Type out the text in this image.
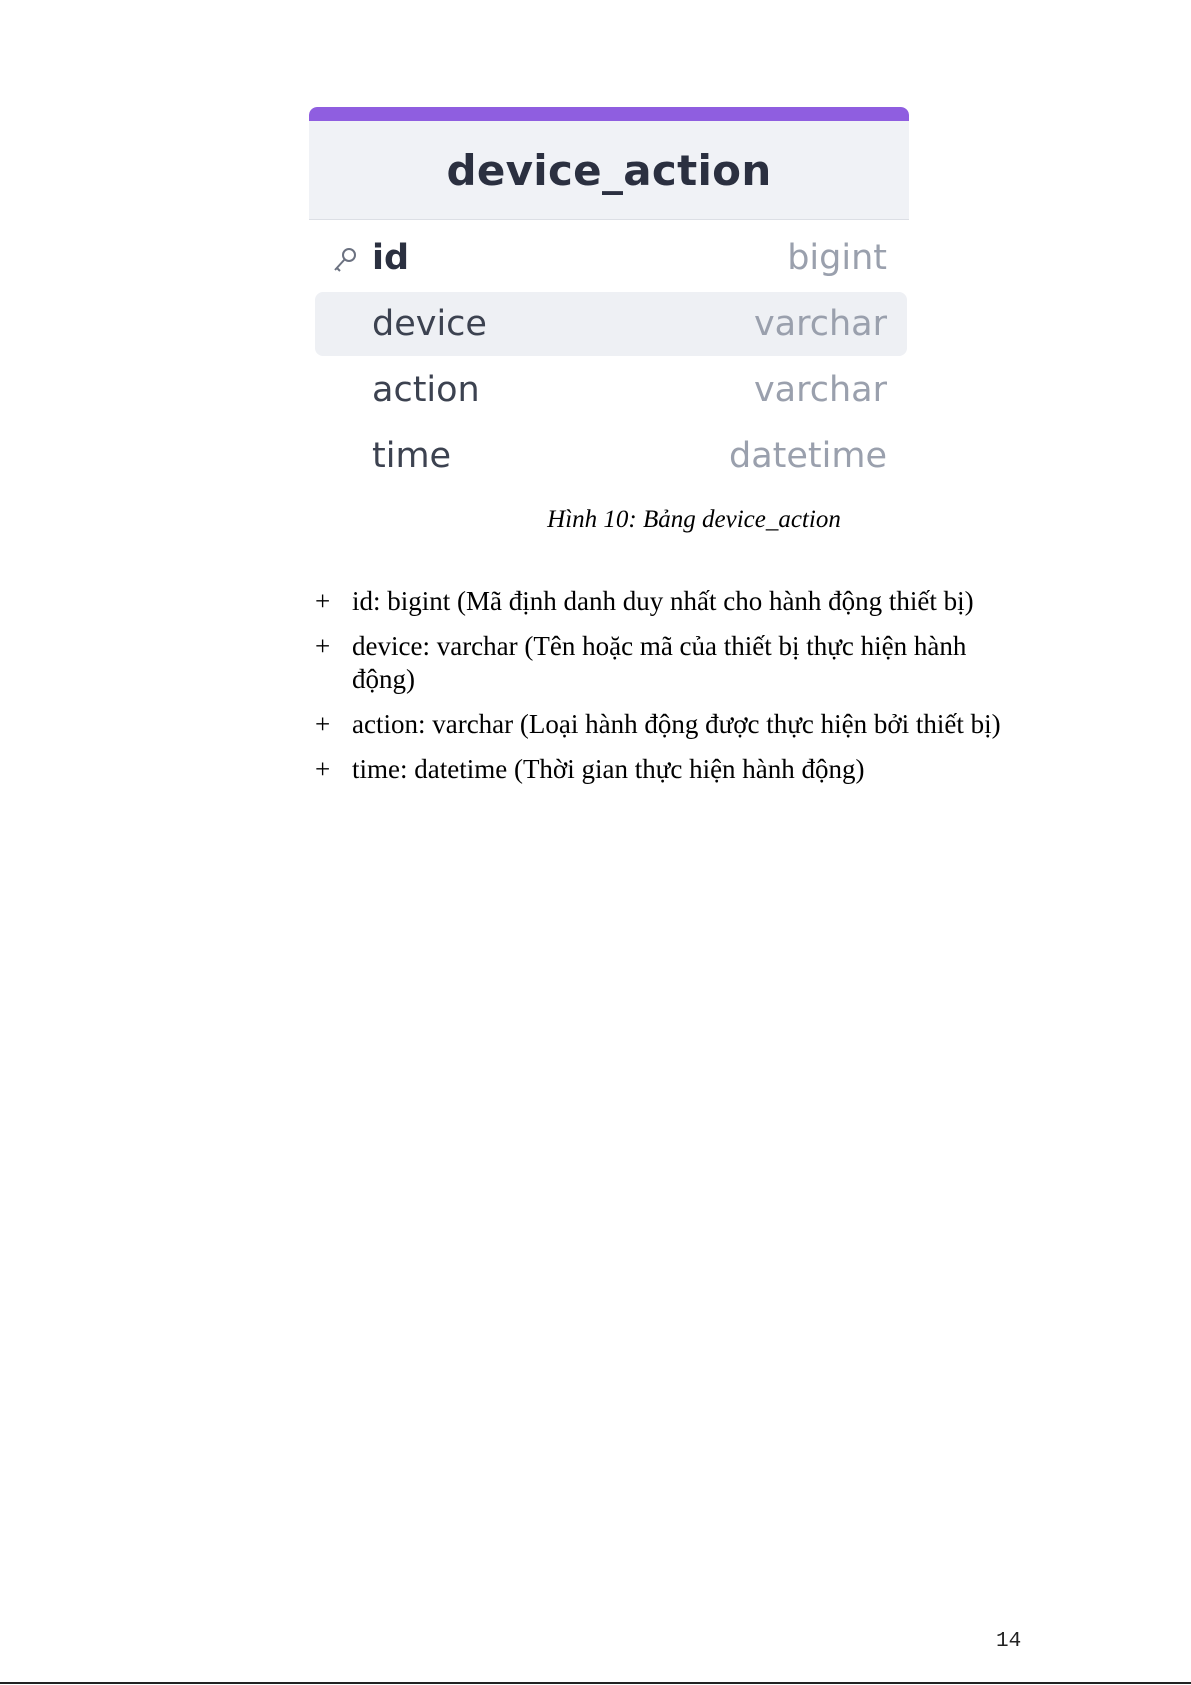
device_action
id	bigint
device	varchar
action	varchar
time	datetime
Hình 10: Bảng device_action
+ id: bigint (Mã định danh duy nhất cho hành động thiết bị)
+ device: varchar (Tên hoặc mã của thiết bị thực hiện hành động)
+ action: varchar (Loại hành động được thực hiện bởi thiết bị)
+ time: datetime (Thời gian thực hiện hành động)
14
